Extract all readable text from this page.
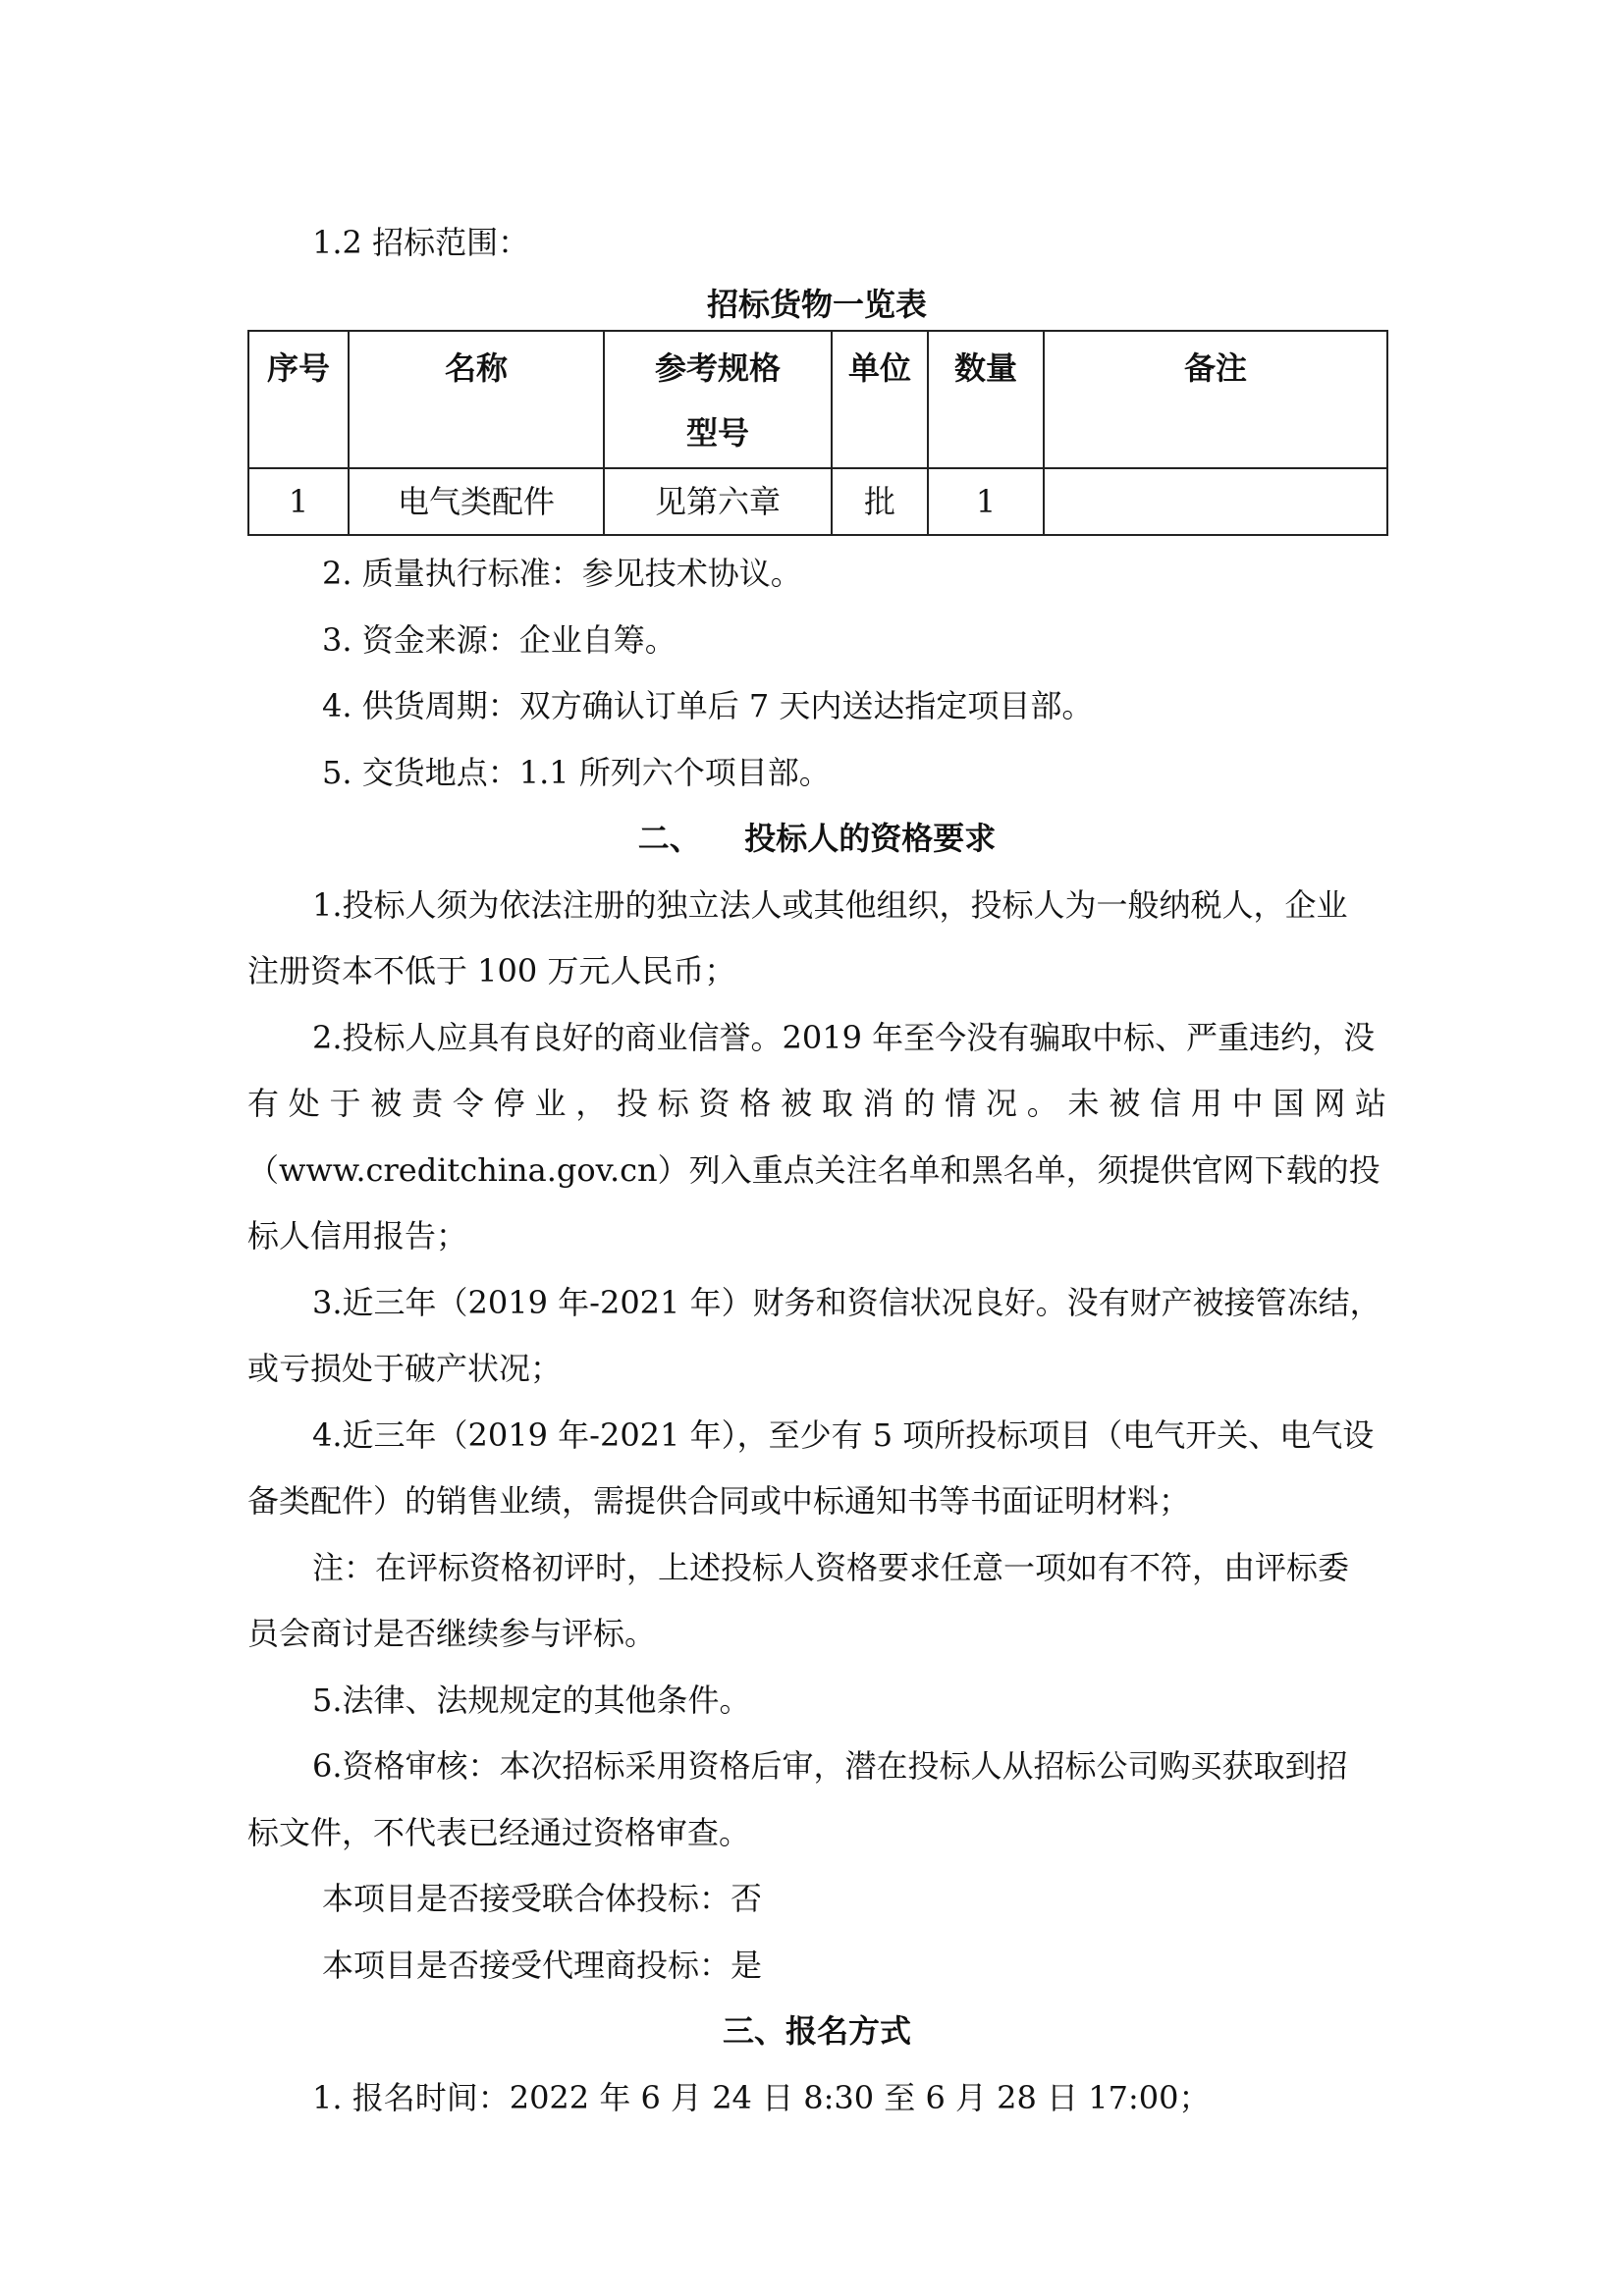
1.2 招标范围：
招标货物一览表
序号	名称	参考规格型号	单位	数量	备注
1	电气类配件	见第六章	批	1	
2. 质量执行标准：参见技术协议。
3. 资金来源：企业自筹。
4. 供货周期：双方确认订单后 7 天内送达指定项目部。
5. 交货地点：1.1 所列六个项目部。
二、    投标人的资格要求
1.投标人须为依法注册的独立法人或其他组织，投标人为一般纳税人，企业
注册资本不低于 100 万元人民币；
2.投标人应具有良好的商业信誉。2019 年至今没有骗取中标、严重违约，没
有处于被责令停业，投标资格被取消的情况。未被信用中国网站
（www.creditchina.gov.cn）列入重点关注名单和黑名单，须提供官网下载的投
标人信用报告；
3.近三年（2019 年-2021 年）财务和资信状况良好。没有财产被接管冻结，
或亏损处于破产状况；
4.近三年（2019 年-2021 年），至少有 5 项所投标项目（电气开关、电气设
备类配件）的销售业绩，需提供合同或中标通知书等书面证明材料；
注：在评标资格初评时，上述投标人资格要求任意一项如有不符，由评标委
员会商讨是否继续参与评标。
5.法律、法规规定的其他条件。
6.资格审核：本次招标采用资格后审，潜在投标人从招标公司购买获取到招
标文件，不代表已经通过资格审查。
本项目是否接受联合体投标：否
本项目是否接受代理商投标：是
三、报名方式
1. 报名时间：2022 年 6 月 24 日 8:30 至 6 月 28 日 17:00；
